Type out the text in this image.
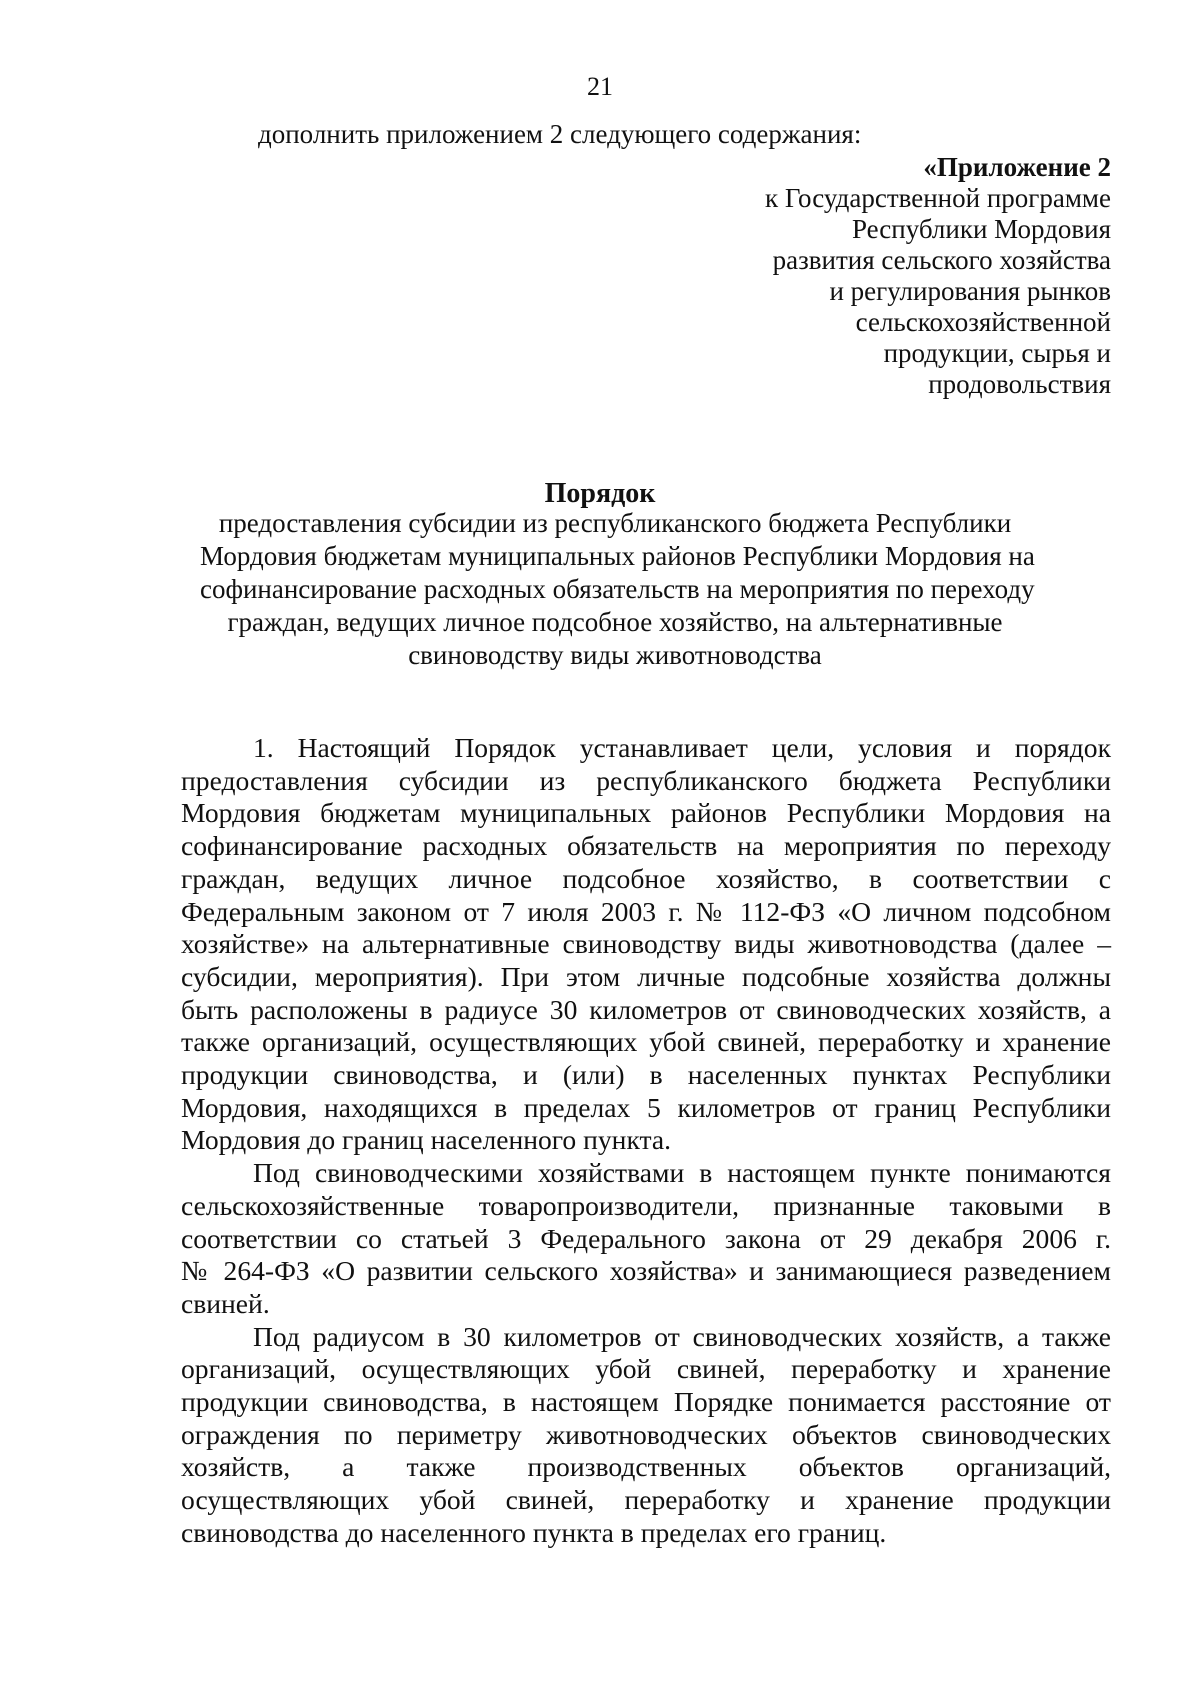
21
дополнить приложением 2 следующего содержания:
«Приложение 2
к Государственной программе
Республики Мордовия
развития сельского хозяйства
и регулирования рынков
сельскохозяйственной
продукции, сырья и
продовольствия
Порядок
предоставления субсидии из республиканского бюджета Республики
Мордовия бюджетам муниципальных районов Республики Мордовия на
софинансирование расходных обязательств на мероприятия по переходу
граждан, ведущих личное подсобное хозяйство, на альтернативные
свиноводству виды животноводства
1. Настоящий Порядок устанавливает цели, условия и порядок
предоставления субсидии из республиканского бюджета Республики
Мордовия бюджетам муниципальных районов Республики Мордовия на
софинансирование расходных обязательств на мероприятия по переходу
граждан, ведущих личное подсобное хозяйство, в соответствии с
Федеральным законом от 7 июля 2003 г. № 112-ФЗ «О личном подсобном
хозяйстве» на альтернативные свиноводству виды животноводства (далее –
субсидии, мероприятия). При этом личные подсобные хозяйства должны
быть расположены в радиусе 30 километров от свиноводческих хозяйств, а
также организаций, осуществляющих убой свиней, переработку и хранение
продукции свиноводства, и (или) в населенных пунктах Республики
Мордовия, находящихся в пределах 5 километров от границ Республики
Мордовия до границ населенного пункта.
Под свиноводческими хозяйствами в настоящем пункте понимаются
сельскохозяйственные товаропроизводители, признанные таковыми в
соответствии со статьей 3 Федерального закона от 29 декабря 2006 г.
№ 264-ФЗ «О развитии сельского хозяйства» и занимающиеся разведением
свиней.
Под радиусом в 30 километров от свиноводческих хозяйств, а также
организаций, осуществляющих убой свиней, переработку и хранение
продукции свиноводства, в настоящем Порядке понимается расстояние от
ограждения по периметру животноводческих объектов свиноводческих
хозяйств, а также производственных объектов организаций,
осуществляющих убой свиней, переработку и хранение продукции
свиноводства до населенного пункта в пределах его границ.
